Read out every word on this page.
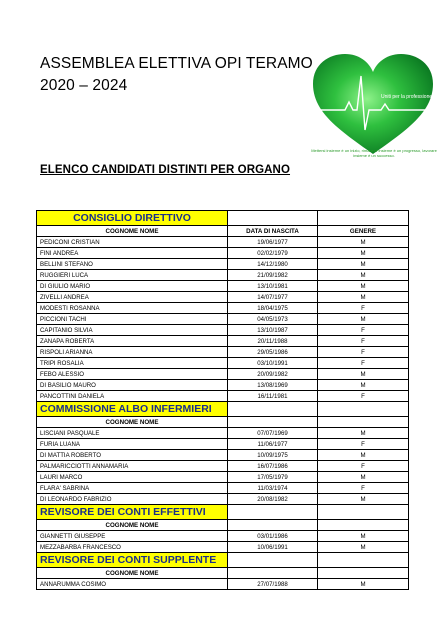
ASSEMBLEA ELETTIVA OPI TERAMO
2020 – 2024
Uniti per la professione
Mettersi insieme è un inizio, rimanere insieme è un progresso, lavorare insieme è un successo.
ELENCO CANDIDATI DISTINTI PER ORGANO
CONSIGLIO DIRETTIVO		
COGNOME NOME	DATA DI NASCITA	GENERE
PEDICONI CRISTIAN	19/06/1977	M
FINI ANDREA	02/02/1979	M
BELLINI STEFANO	14/12/1980	M
RUGGIERI LUCA	21/09/1982	M
DI GIULIO MARIO	13/10/1981	M
ZIVELLI ANDREA	14/07/1977	M
MODESTI ROSANNA	18/04/1975	F
PICCIONI TACHI	04/05/1973	M
CAPITANIO SILVIA	13/10/1987	F
ZANAPA ROBERTA	20/11/1988	F
RISPOLI ARIANNA	29/05/1986	F
TRIPI ROSALIA	03/10/1991	F
FEBO ALESSIO	20/09/1982	M
DI BASILIO MAURO	13/08/1969	M
PANCOTTINI DANIELA	16/11/1981	F
COMMISSIONE ALBO INFERMIERI		
COGNOME NOME		
LISCIANI PASQUALE	07/07/1969	M
FURIA LUANA	11/06/1977	F
DI MATTIA ROBERTO	10/09/1975	M
PALMARICCIOTTI ANNAMARIA	16/07/1986	F
LAURI MARCO	17/05/1979	M
FLARA' SABRINA	11/03/1974	F
DI LEONARDO FABRIZIO	20/08/1982	M
REVISORE DEI CONTI EFFETTIVI		
COGNOME NOME		
GIANNETTI GIUSEPPE	03/01/1986	M
MEZZABARBA FRANCESCO	10/06/1991	M
REVISORE DEI CONTI SUPPLENTE		
COGNOME NOME		
ANNARUMMA COSIMO	27/07/1988	M
